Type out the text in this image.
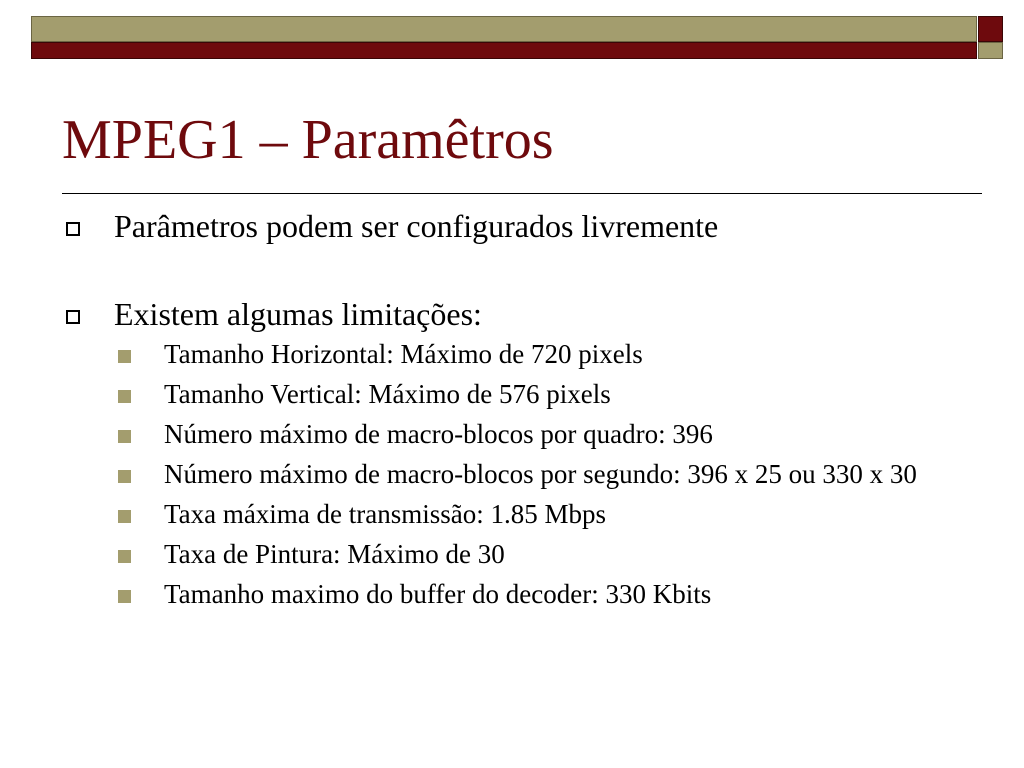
MPEG1 – Paramêtros
Parâmetros podem ser configurados livremente
Existem algumas limitações:
Tamanho Horizontal: Máximo de 720 pixels
Tamanho Vertical: Máximo de 576 pixels
Número máximo de macro-blocos por quadro: 396
Número máximo de macro-blocos por segundo: 396 x 25 ou 330 x 30
Taxa máxima de transmissão: 1.85 Mbps
Taxa de Pintura: Máximo de 30
Tamanho maximo do buffer do decoder: 330 Kbits
